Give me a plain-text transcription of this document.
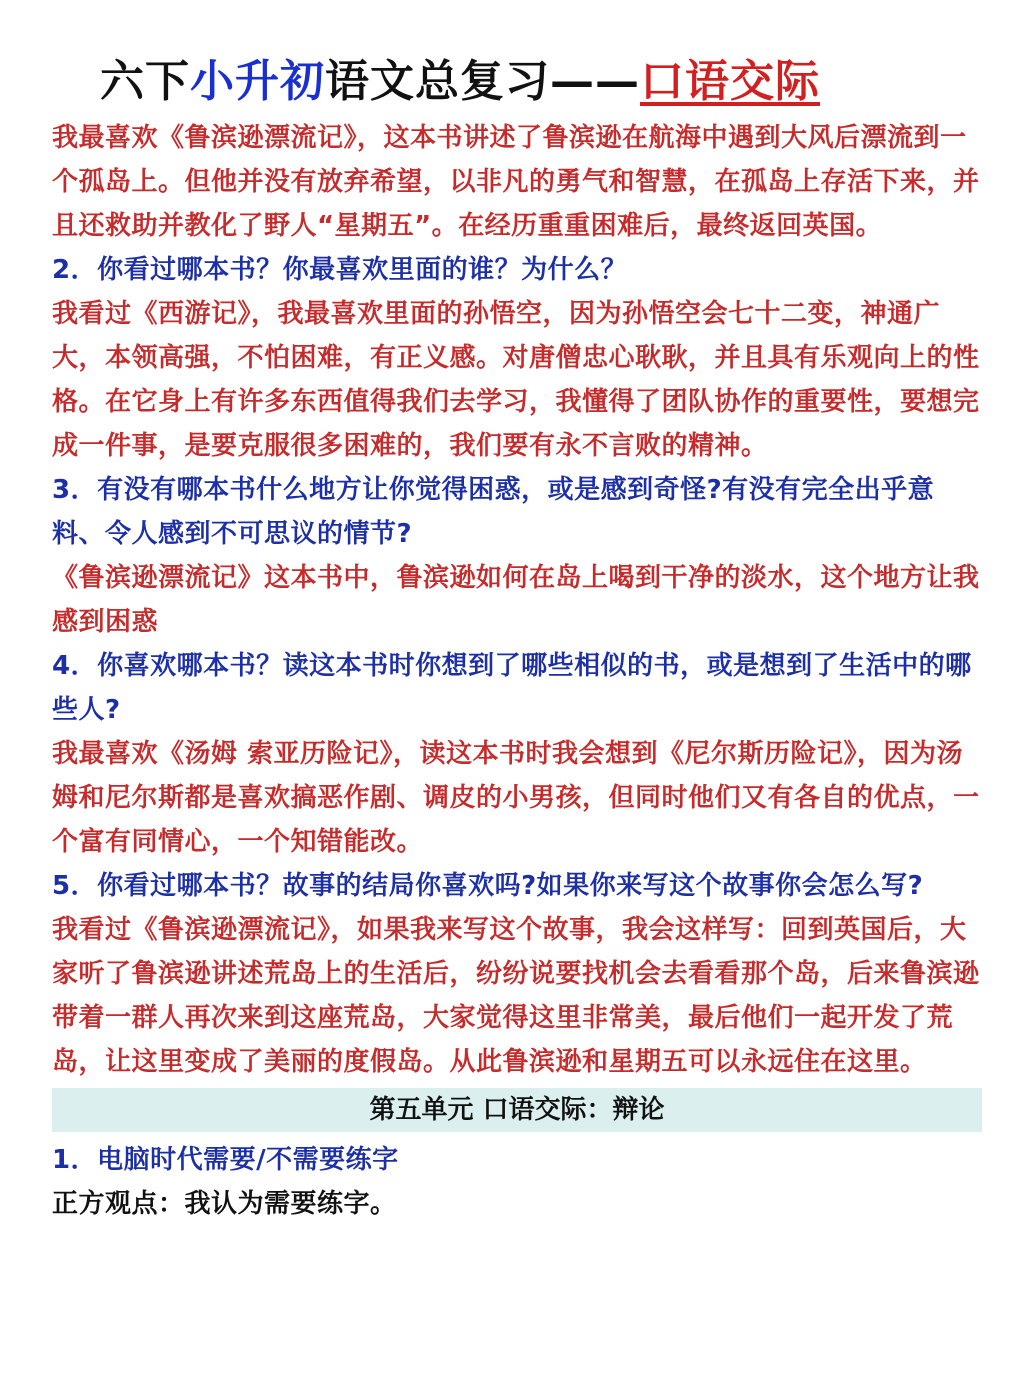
六下小升初语文总复习——口语交际

我最喜欢《鲁滨逊漂流记》，这本书讲述了鲁滨逊在航海中遇到大风后漂流到一个孤岛上。但他并没有放弃希望，以非凡的勇气和智慧，在孤岛上存活下来，并且还救助并教化了野人“星期五”。在经历重重困难后，最终返回英国。

2．你看过哪本书？你最喜欢里面的谁？为什么？

我看过《西游记》，我最喜欢里面的孙悟空，因为孙悟空会七十二变，神通广大，本领高强，不怕困难，有正义感。对唐僧忠心耿耿，并且具有乐观向上的性格。在它身上有许多东西值得我们去学习，我懂得了团队协作的重要性，要想完成一件事，是要克服很多困难的，我们要有永不言败的精神。

3．有没有哪本书什么地方让你觉得困惑，或是感到奇怪?有没有完全出乎意料、令人感到不可思议的情节?

《鲁滨逊漂流记》这本书中，鲁滨逊如何在岛上喝到干净的淡水，这个地方让我感到困惑

4．你喜欢哪本书？读这本书时你想到了哪些相似的书，或是想到了生活中的哪些人?

我最喜欢《汤姆 索亚历险记》，读这本书时我会想到《尼尔斯历险记》，因为汤姆和尼尔斯都是喜欢搞恶作剧、调皮的小男孩，但同时他们又有各自的优点，一个富有同情心，一个知错能改。

5．你看过哪本书？故事的结局你喜欢吗?如果你来写这个故事你会怎么写?

我看过《鲁滨逊漂流记》，如果我来写这个故事，我会这样写：回到英国后，大家听了鲁滨逊讲述荒岛上的生活后，纷纷说要找机会去看看那个岛，后来鲁滨逊带着一群人再次来到这座荒岛，大家觉得这里非常美，最后他们一起开发了荒岛，让这里变成了美丽的度假岛。从此鲁滨逊和星期五可以永远住在这里。

第五单元 口语交际：辩论

1．电脑时代需要/不需要练字

正方观点：我认为需要练字。
